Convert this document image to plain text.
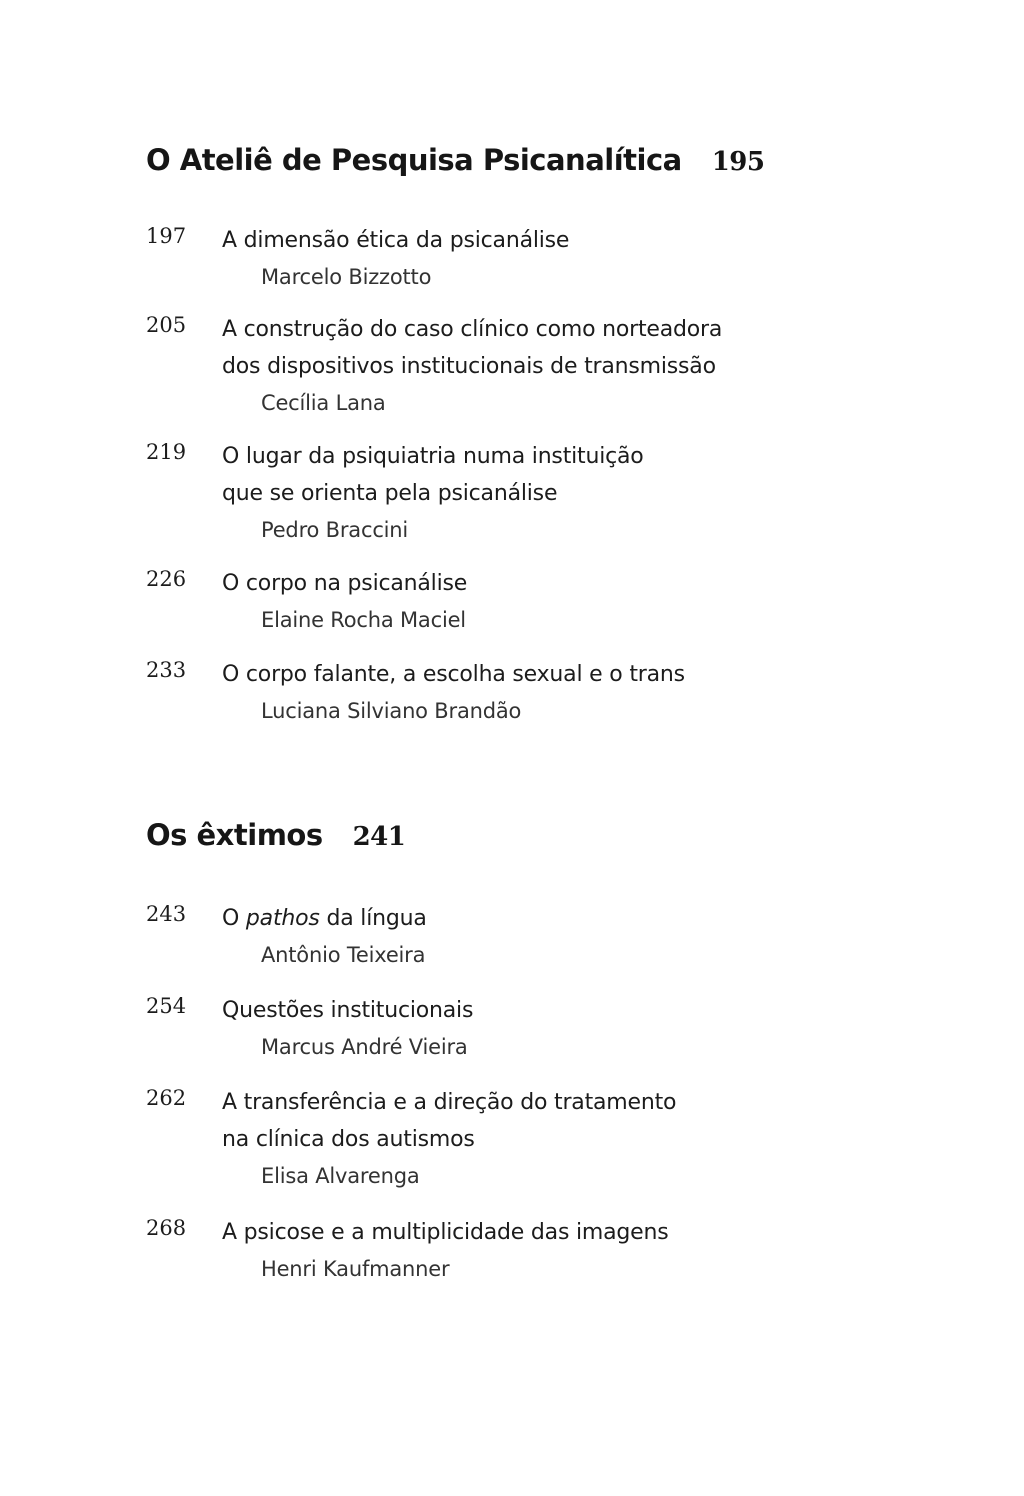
O Ateliê de Pesquisa Psicanalítica 195
197 A dimensão ética da psicanálise
Marcelo Bizzotto
205 A construção do caso clínico como norteadora
dos dispositivos institucionais de transmissão
Cecília Lana
219 O lugar da psiquiatria numa instituição
que se orienta pela psicanálise
Pedro Braccini
226 O corpo na psicanálise
Elaine Rocha Maciel
233 O corpo falante, a escolha sexual e o trans
Luciana Silviano Brandão
Os êxtimos 241
243 O pathos da língua
Antônio Teixeira
254 Questões institucionais
Marcus André Vieira
262 A transferência e a direção do tratamento
na clínica dos autismos
Elisa Alvarenga
268 A psicose e a multiplicidade das imagens
Henri Kaufmanner
